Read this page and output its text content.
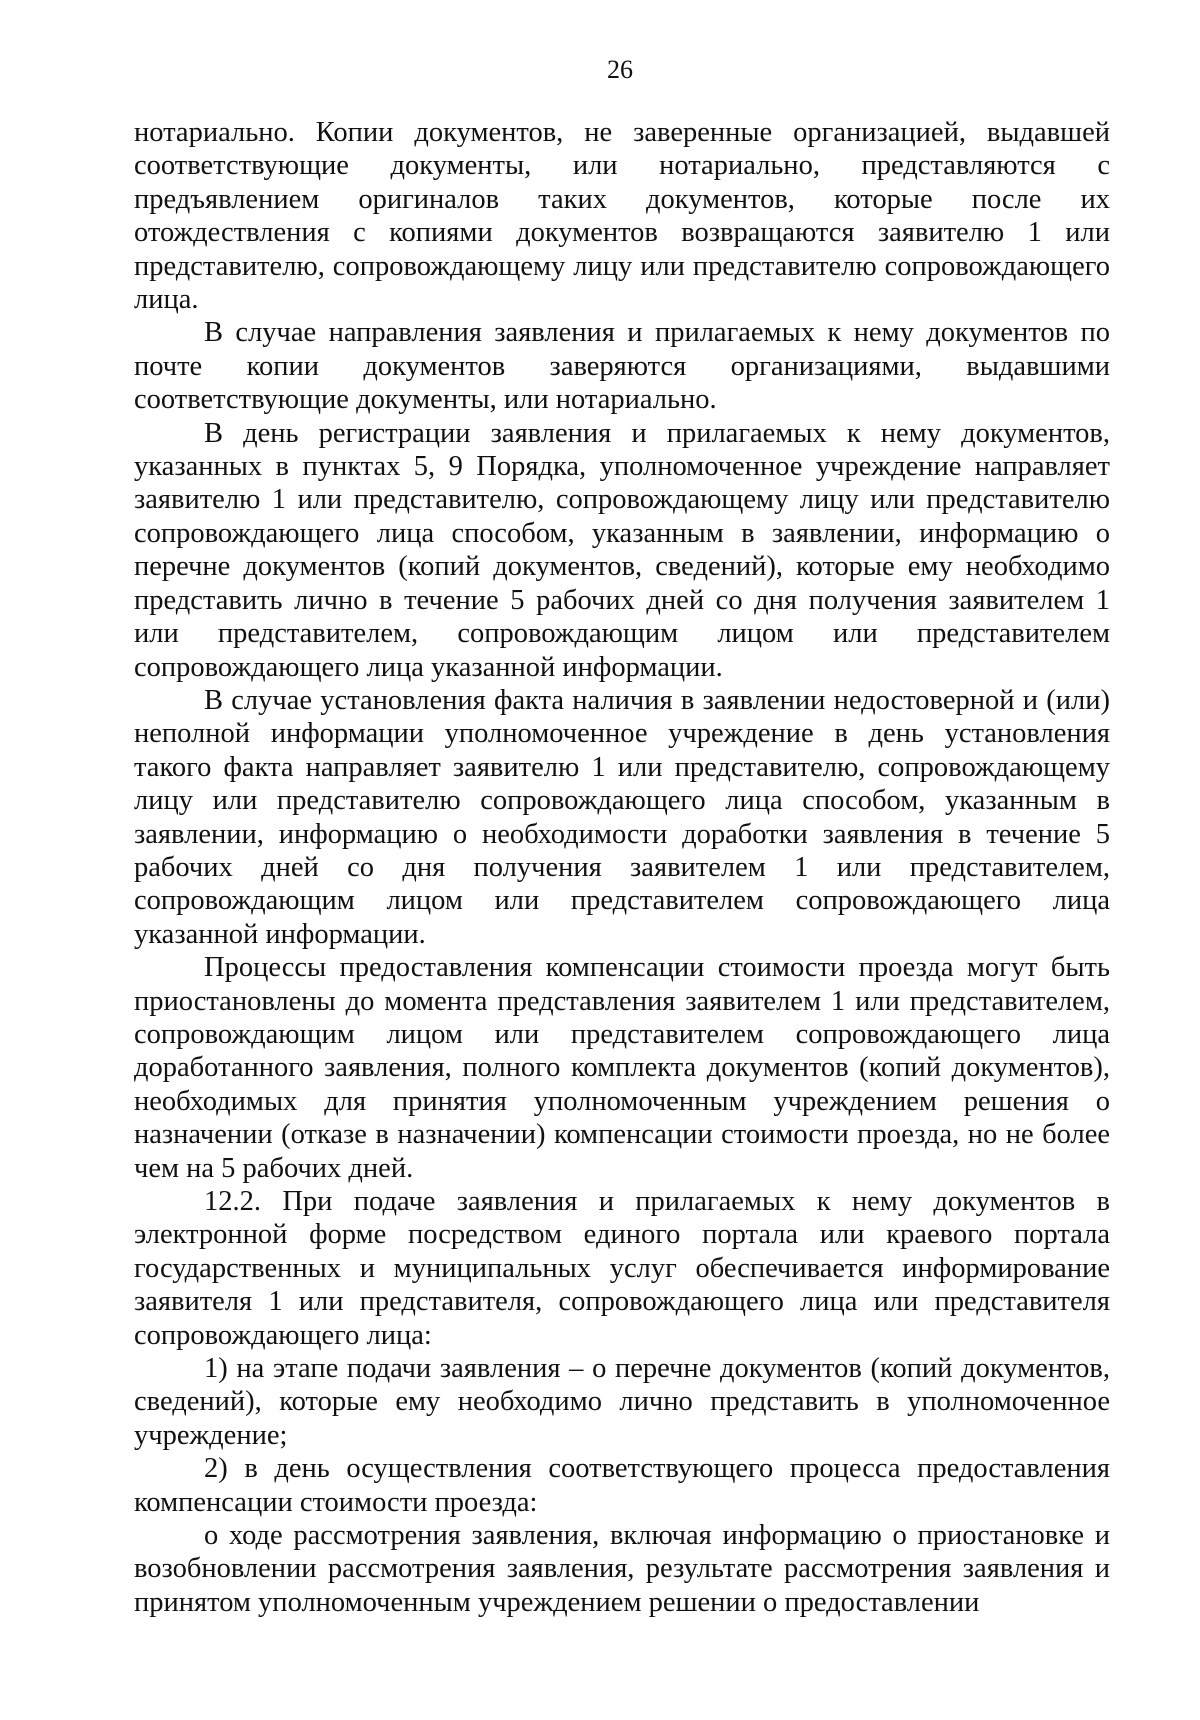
26

нотариально. Копии документов, не заверенные организацией, выдавшей соответствующие документы, или нотариально, представляются с предъявлением оригиналов таких документов, которые после их отождествления с копиями документов возвращаются заявителю 1 или представителю, сопровождающему лицу или представителю сопровождающего лица.

В случае направления заявления и прилагаемых к нему документов по почте копии документов заверяются организациями, выдавшими соответствующие документы, или нотариально.

В день регистрации заявления и прилагаемых к нему документов, указанных в пунктах 5, 9 Порядка, уполномоченное учреждение направляет заявителю 1 или представителю, сопровождающему лицу или представителю сопровождающего лица способом, указанным в заявлении, информацию о перечне документов (копий документов, сведений), которые ему необходимо представить лично в течение 5 рабочих дней со дня получения заявителем 1 или представителем, сопровождающим лицом или представителем сопровождающего лица указанной информации.

В случае установления факта наличия в заявлении недостоверной и (или) неполной информации уполномоченное учреждение в день установления такого факта направляет заявителю 1 или представителю, сопровождающему лицу или представителю сопровождающего лица способом, указанным в заявлении, информацию о необходимости доработки заявления в течение 5 рабочих дней со дня получения заявителем 1 или представителем, сопровождающим лицом или представителем сопровождающего лица указанной информации.

Процессы предоставления компенсации стоимости проезда могут быть приостановлены до момента представления заявителем 1 или представителем, сопровождающим лицом или представителем сопровождающего лица доработанного заявления, полного комплекта документов (копий документов), необходимых для принятия уполномоченным учреждением решения о назначении (отказе в назначении) компенсации стоимости проезда, но не более чем на 5 рабочих дней.

12.2. При подаче заявления и прилагаемых к нему документов в электронной форме посредством единого портала или краевого портала государственных и муниципальных услуг обеспечивается информирование заявителя 1 или представителя, сопровождающего лица или представителя сопровождающего лица:

1) на этапе подачи заявления – о перечне документов (копий документов, сведений), которые ему необходимо лично представить в уполномоченное учреждение;

2) в день осуществления соответствующего процесса предоставления компенсации стоимости проезда:

о ходе рассмотрения заявления, включая информацию о приостановке и возобновлении рассмотрения заявления, результате рассмотрения заявления и принятом уполномоченным учреждением решении о предоставлении
